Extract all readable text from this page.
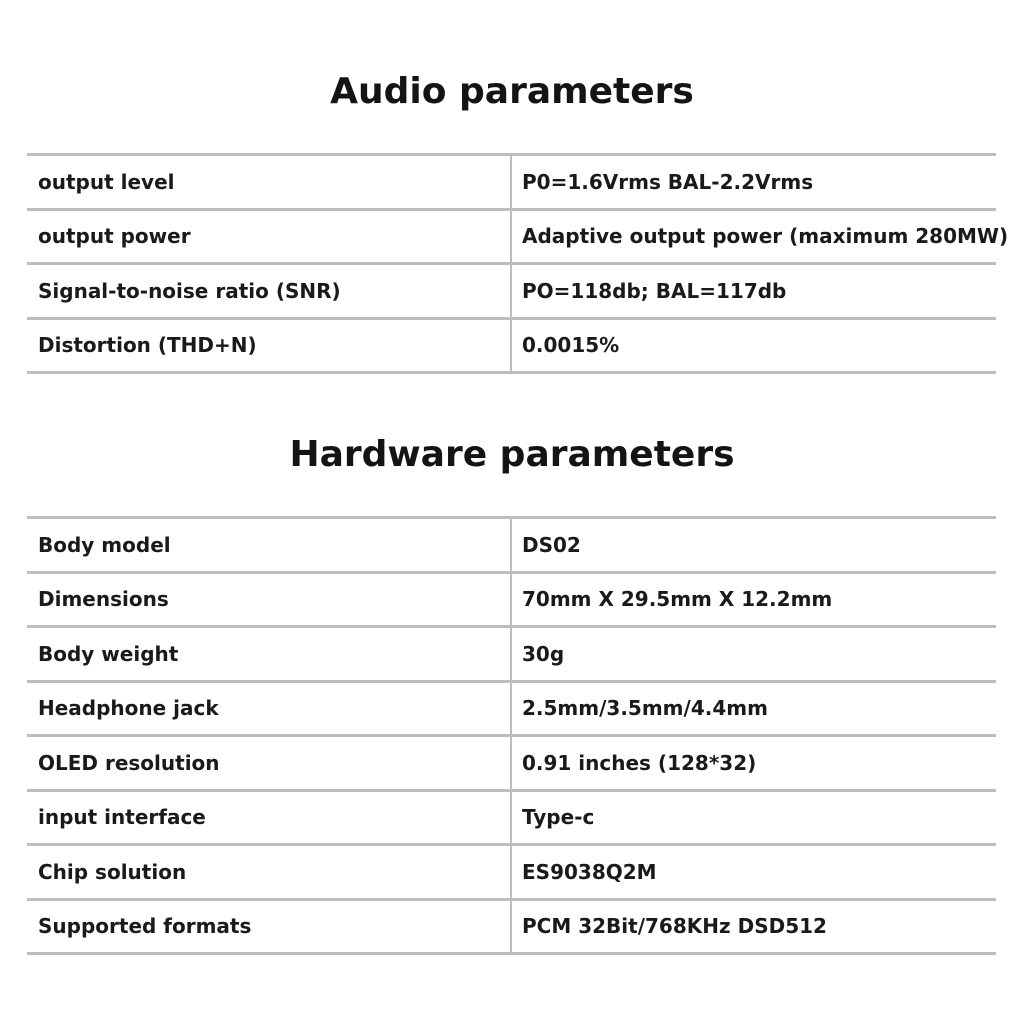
Audio parameters
output level	P0=1.6Vrms BAL-2.2Vrms
output power	Adaptive output power (maximum 280MW)
Signal-to-noise ratio (SNR)	PO=118db; BAL=117db
Distortion (THD+N)	0.0015%
Hardware parameters
Body model	DS02
Dimensions	70mm X 29.5mm X 12.2mm
Body weight	30g
Headphone jack	2.5mm/3.5mm/4.4mm
OLED resolution	0.91 inches (128*32)
input interface	Type-c
Chip solution	ES9038Q2M
Supported formats	PCM 32Bit/768KHz DSD512
